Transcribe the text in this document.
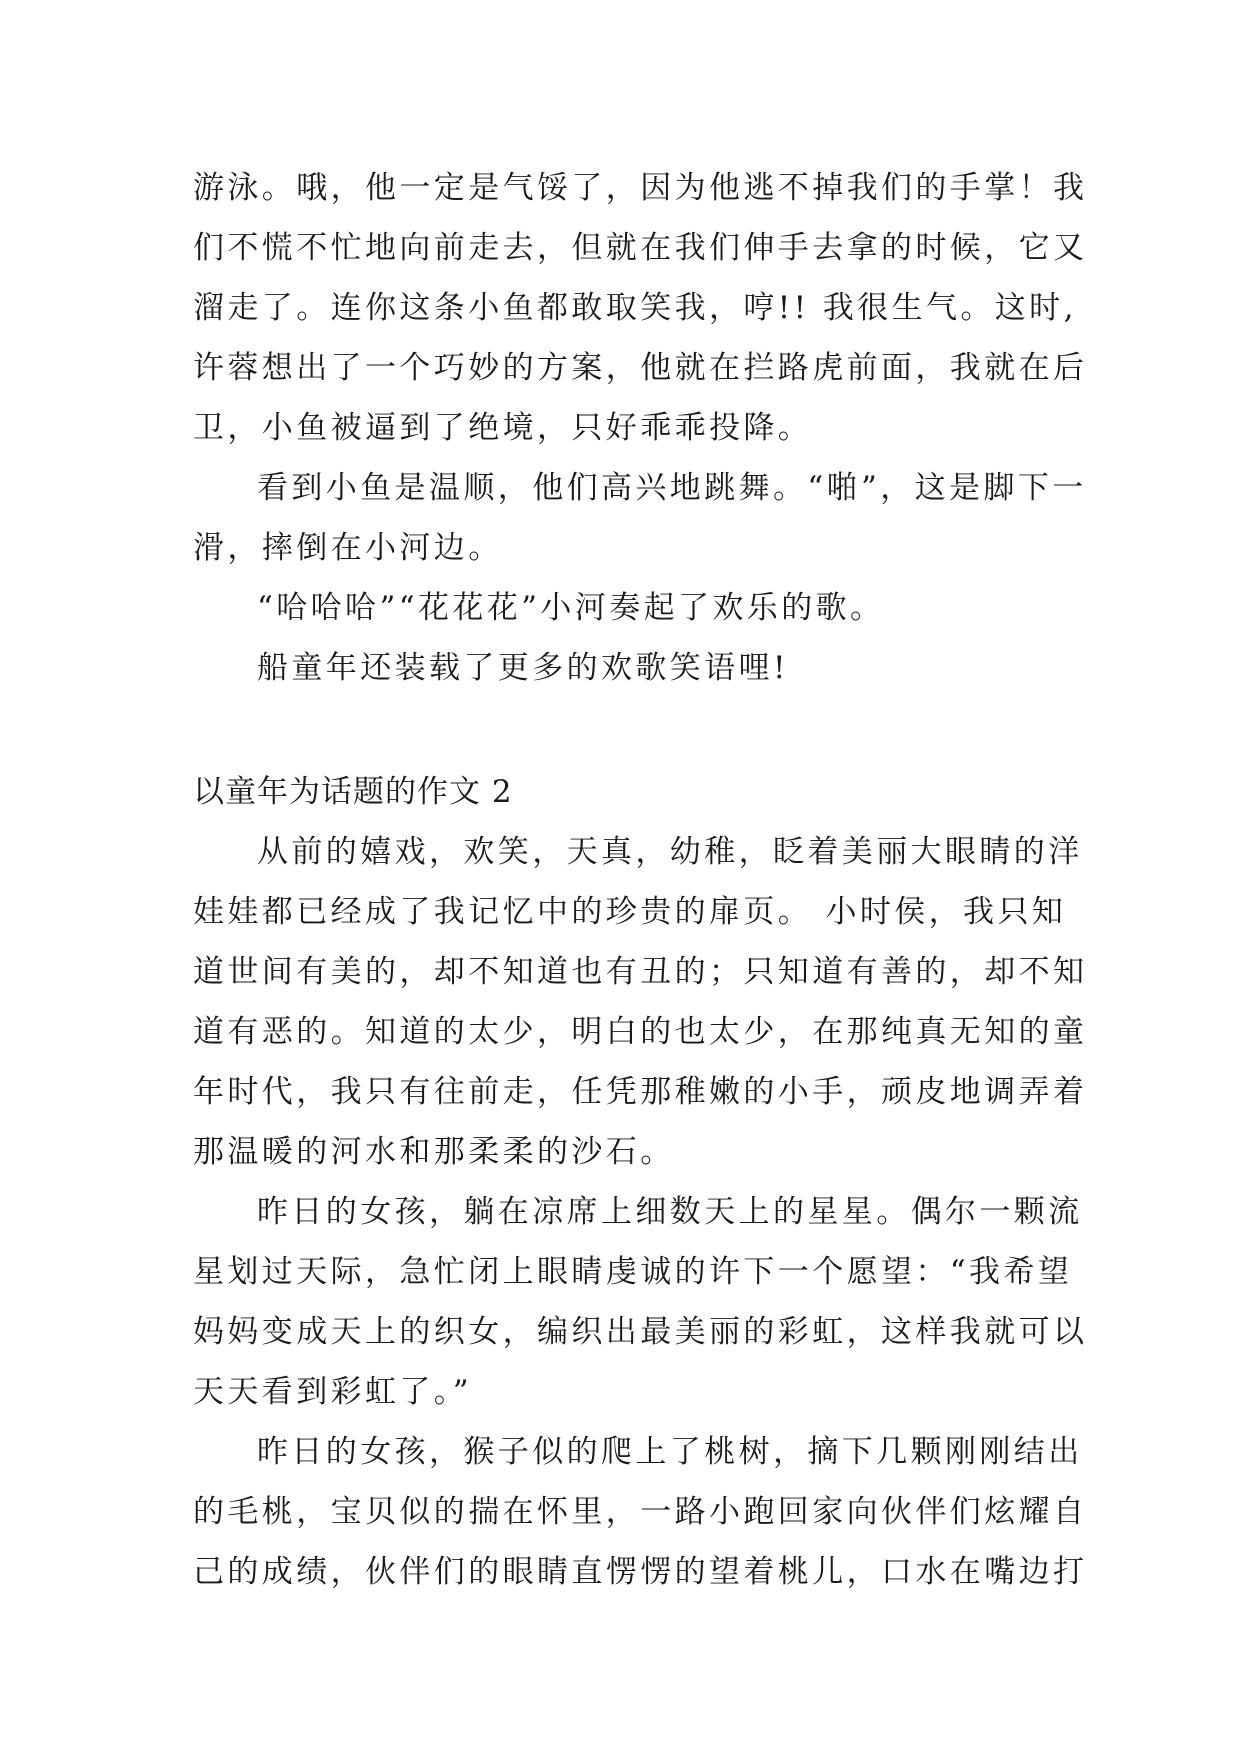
游泳。哦，他一定是气馁了，因为他逃不掉我们的手掌！我
们不慌不忙地向前走去，但就在我们伸手去拿的时候，它又
溜走了。连你这条小鱼都敢取笑我，哼!! 我很生气。这时,
许蓉想出了一个巧妙的方案，他就在拦路虎前面，我就在后
卫，小鱼被逼到了绝境，只好乖乖投降。
看到小鱼是温顺，他们高兴地跳舞。“啪”，这是脚下一
滑，摔倒在小河边。
“哈哈哈”“花花花”小河奏起了欢乐的歌。
船童年还装载了更多的欢歌笑语哩!
以童年为话题的作文 2
从前的嬉戏，欢笑，天真，幼稚，眨着美丽大眼睛的洋
娃娃都已经成了我记忆中的珍贵的扉页。 小时侯，我只知
道世间有美的，却不知道也有丑的；只知道有善的，却不知
道有恶的。知道的太少，明白的也太少，在那纯真无知的童
年时代，我只有往前走，任凭那稚嫩的小手，顽皮地调弄着
那温暖的河水和那柔柔的沙石。
昨日的女孩，躺在凉席上细数天上的星星。偶尔一颗流
星划过天际，急忙闭上眼睛虔诚的许下一个愿望：“我希望
妈妈变成天上的织女，编织出最美丽的彩虹，这样我就可以
天天看到彩虹了。”
昨日的女孩，猴子似的爬上了桃树，摘下几颗刚刚结出
的毛桃，宝贝似的揣在怀里，一路小跑回家向伙伴们炫耀自
己的成绩，伙伴们的眼睛直愣愣的望着桃儿，口水在嘴边打
